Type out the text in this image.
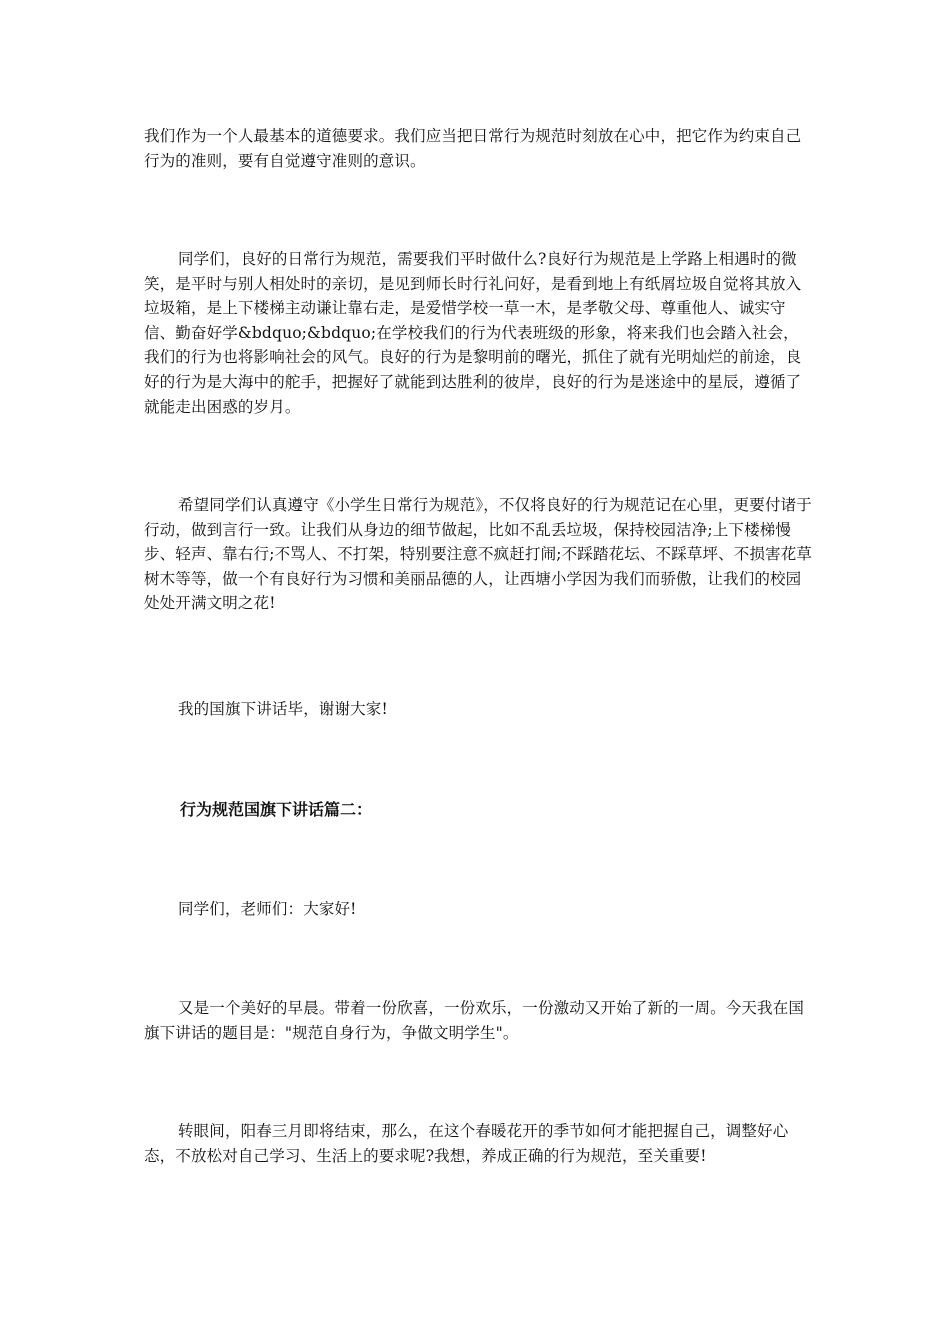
我们作为一个人最基本的道德要求。我们应当把日常行为规范时刻放在心中，把它作为约束自己行为的准则，要有自觉遵守准则的意识。

同学们，良好的日常行为规范，需要我们平时做什么?良好行为规范是上学路上相遇时的微笑，是平时与别人相处时的亲切，是见到师长时行礼问好，是看到地上有纸屑垃圾自觉将其放入垃圾箱，是上下楼梯主动谦让靠右走，是爱惜学校一草一木，是孝敬父母、尊重他人、诚实守信、勤奋好学&bdquo;&bdquo;在学校我们的行为代表班级的形象，将来我们也会踏入社会，我们的行为也将影响社会的风气。良好的行为是黎明前的曙光，抓住了就有光明灿烂的前途，良好的行为是大海中的舵手，把握好了就能到达胜利的彼岸，良好的行为是迷途中的星辰，遵循了就能走出困惑的岁月。

希望同学们认真遵守《小学生日常行为规范》，不仅将良好的行为规范记在心里，更要付诸于行动，做到言行一致。让我们从身边的细节做起，比如不乱丢垃圾，保持校园洁净;上下楼梯慢步、轻声、靠右行;不骂人、不打架，特别要注意不疯赶打闹;不踩踏花坛、不踩草坪、不损害花草树木等等，做一个有良好行为习惯和美丽品德的人，让西塘小学因为我们而骄傲，让我们的校园处处开满文明之花!

我的国旗下讲话毕，谢谢大家!

行为规范国旗下讲话篇二：

同学们，老师们：大家好!

又是一个美好的早晨。带着一份欣喜，一份欢乐，一份激动又开始了新的一周。今天我在国旗下讲话的题目是："规范自身行为，争做文明学生"。

转眼间，阳春三月即将结束，那么，在这个春暖花开的季节如何才能把握自己，调整好心态，不放松对自己学习、生活上的要求呢?我想，养成正确的行为规范，至关重要!
